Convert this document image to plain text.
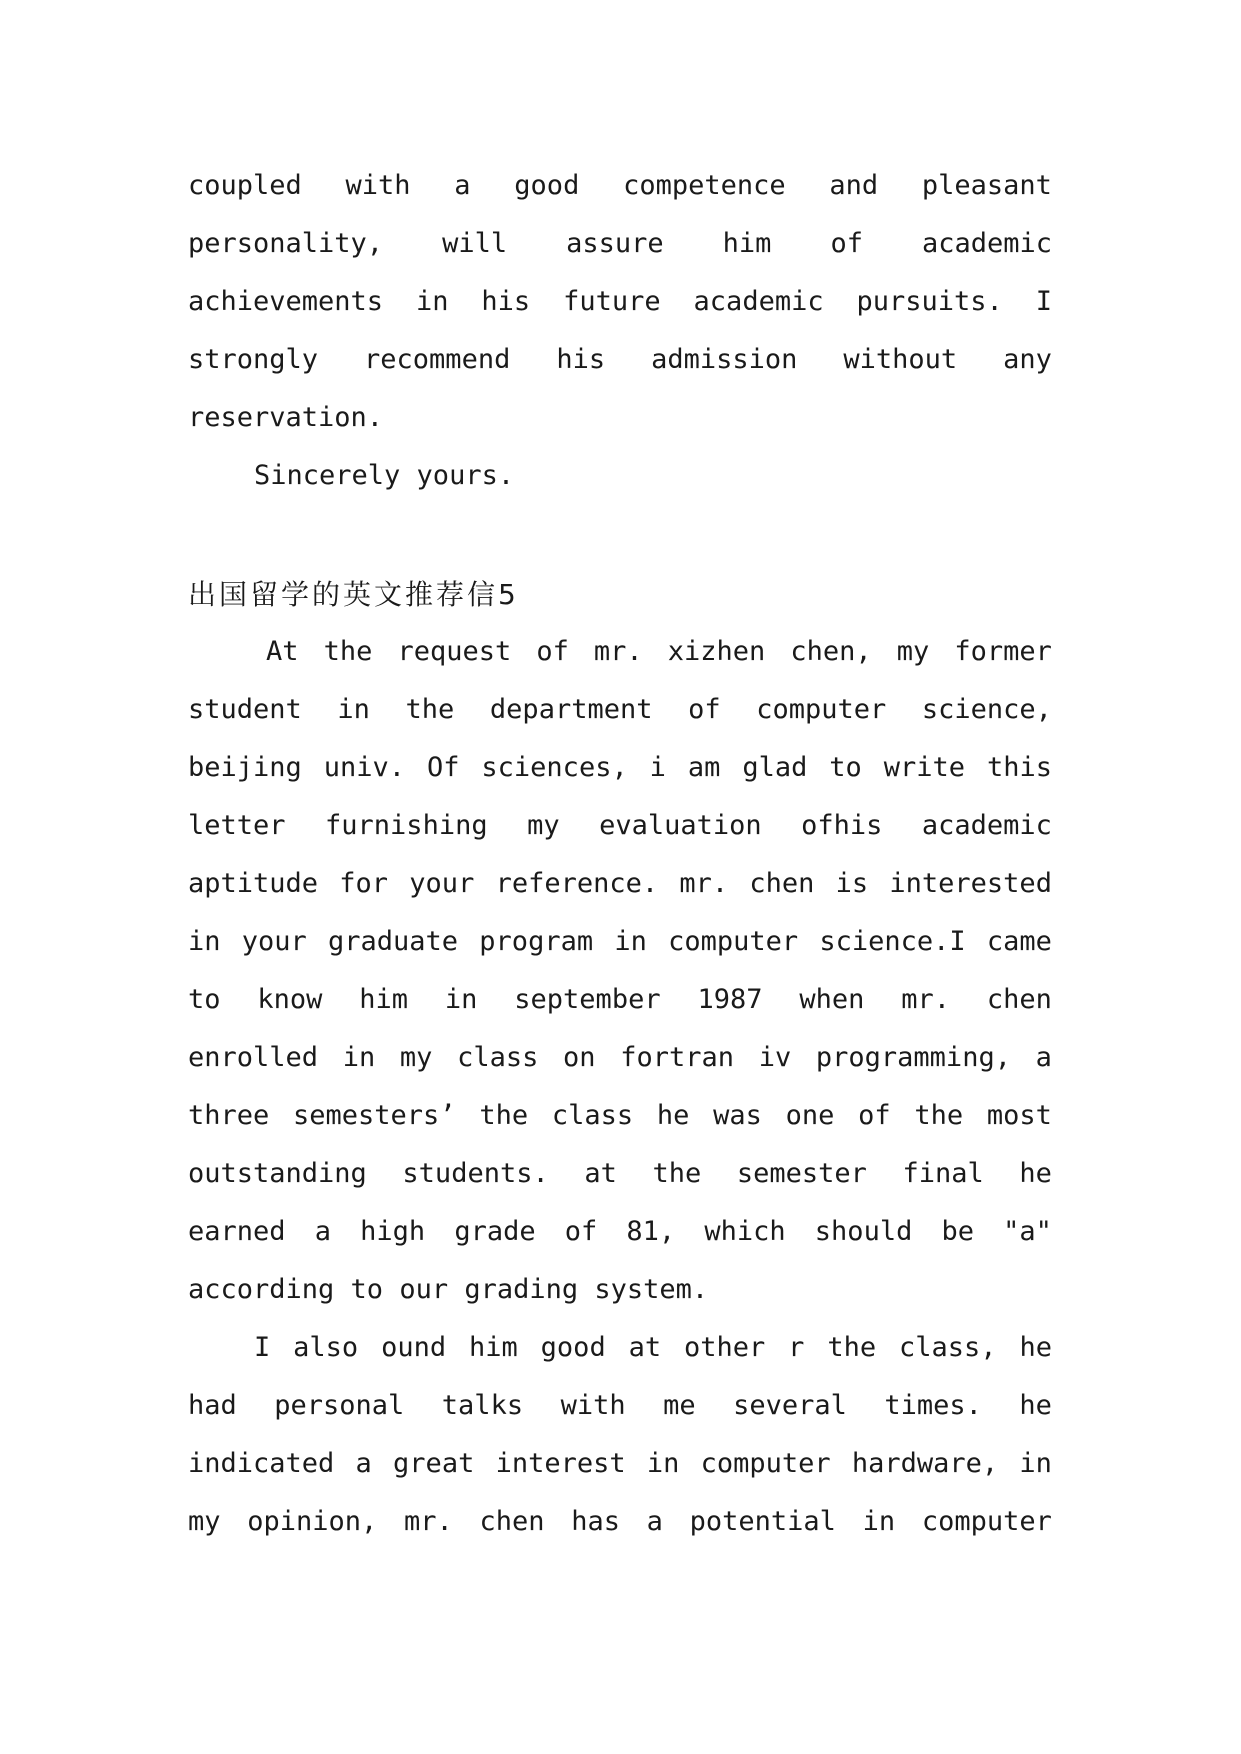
coupled with a good competence and pleasant
personality, will assure him of academic
achievements in his future academic pursuits. I
strongly recommend his admission without any
reservation.
Sincerely yours.
出国留学的英文推荐信5
At the request of mr. xizhen chen, my former
student in the department of computer science,
beijing univ. Of sciences, i am glad to write this
letter furnishing my evaluation ofhis academic
aptitude for your reference. mr. chen is interested
in your graduate program in computer science.I came
to know him in september 1987 when mr. chen
enrolled in my class on fortran iv programming, a
three semesters’ the class he was one of the most
outstanding students. at the semester final he
earned a high grade of 81, which should be "a"
according to our grading system.
I also ound him good at other r the class, he
had personal talks with me several times. he
indicated a great interest in computer hardware, in
my opinion, mr. chen has a potential in computer
